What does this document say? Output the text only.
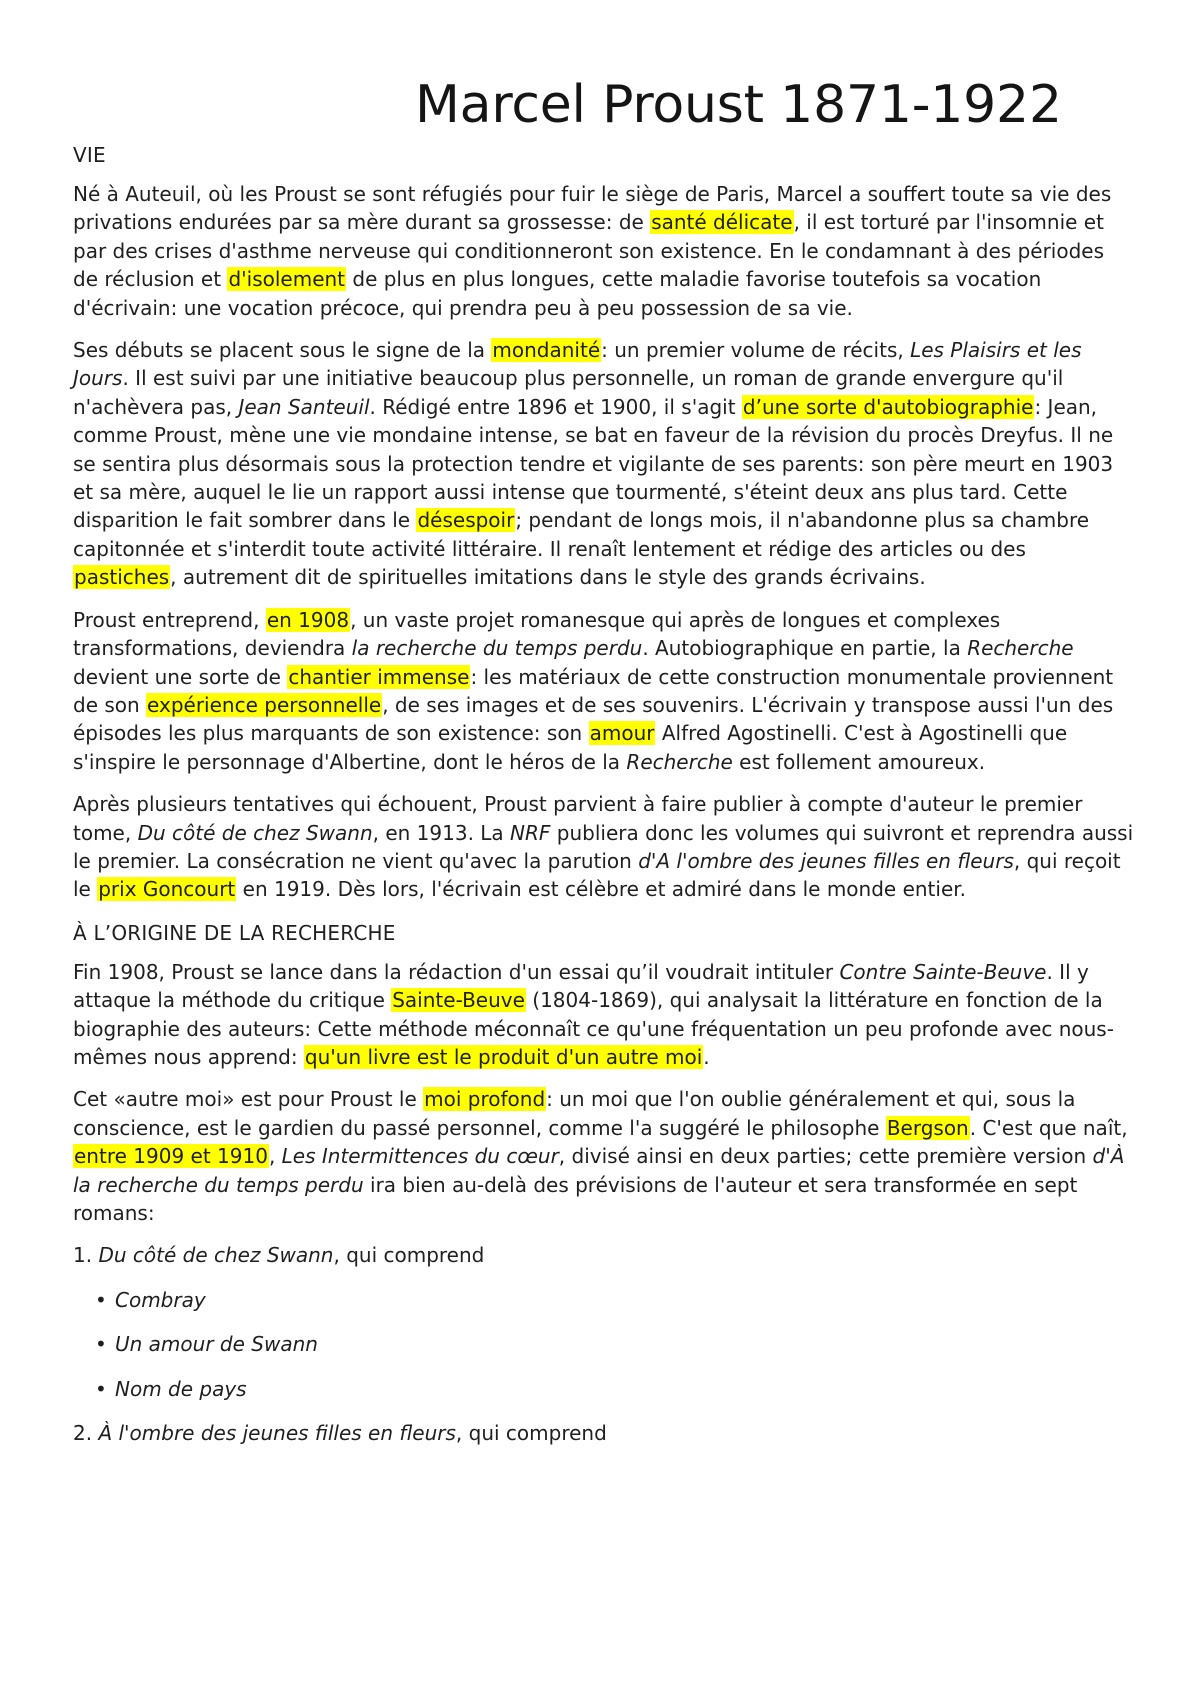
Marcel Proust 1871-1922
VIE

Né à Auteuil, où les Proust se sont réfugiés pour fuir le siège de Paris, Marcel a souffert toute sa vie des privations endurées par sa mère durant sa grossesse: de santé délicate, il est torturé par l'insomnie et par des crises d'asthme nerveuse qui conditionneront son existence. En le condamnant à des périodes de réclusion et d'isolement de plus en plus longues, cette maladie favorise toutefois sa vocation d'écrivain: une vocation précoce, qui prendra peu à peu possession de sa vie.

Ses débuts se placent sous le signe de la mondanité: un premier volume de récits, Les Plaisirs et les Jours. Il est suivi par une initiative beaucoup plus personnelle, un roman de grande envergure qu'il n'achèvera pas, Jean Santeuil. Rédigé entre 1896 et 1900, il s'agit d’une sorte d'autobiographie: Jean, comme Proust, mène une vie mondaine intense, se bat en faveur de la révision du procès Dreyfus. Il ne se sentira plus désormais sous la protection tendre et vigilante de ses parents: son père meurt en 1903 et sa mère, auquel le lie un rapport aussi intense que tourmenté, s'éteint deux ans plus tard. Cette disparition le fait sombrer dans le désespoir; pendant de longs mois, il n'abandonne plus sa chambre capitonnée et s'interdit toute activité littéraire. Il renaît lentement et rédige des articles ou des pastiches, autrement dit de spirituelles imitations dans le style des grands écrivains.

Proust entreprend, en 1908, un vaste projet romanesque qui après de longues et complexes transformations, deviendra la recherche du temps perdu. Autobiographique en partie, la Recherche devient une sorte de chantier immense: les matériaux de cette construction monumentale proviennent de son expérience personnelle, de ses images et de ses souvenirs. L'écrivain y transpose aussi l'un des épisodes les plus marquants de son existence: son amour Alfred Agostinelli. C'est à Agostinelli que s'inspire le personnage d'Albertine, dont le héros de la Recherche est follement amoureux.

Après plusieurs tentatives qui échouent, Proust parvient à faire publier à compte d'auteur le premier tome, Du côté de chez Swann, en 1913. La NRF publiera donc les volumes qui suivront et reprendra aussi le premier. La consécration ne vient qu'avec la parution d'A l'ombre des jeunes filles en fleurs, qui reçoit le prix Goncourt en 1919. Dès lors, l'écrivain est célèbre et admiré dans le monde entier.

À L’ORIGINE DE LA RECHERCHE

Fin 1908, Proust se lance dans la rédaction d'un essai qu’il voudrait intituler Contre Sainte-Beuve. Il y attaque la méthode du critique Sainte-Beuve (1804-1869), qui analysait la littérature en fonction de la biographie des auteurs: Cette méthode méconnaît ce qu'une fréquentation un peu profonde avec nous-mêmes nous apprend: qu'un livre est le produit d'un autre moi.

Cet «autre moi» est pour Proust le moi profond: un moi que l'on oublie généralement et qui, sous la conscience, est le gardien du passé personnel, comme l'a suggéré le philosophe Bergson. C'est que naît, entre 1909 et 1910, Les Intermittences du cœur, divisé ainsi en deux parties; cette première version d'À la recherche du temps perdu ira bien au-delà des prévisions de l'auteur et sera transformée en sept romans:

1. Du côté de chez Swann, qui comprend
• Combray
• Un amour de Swann
• Nom de pays
2. À l'ombre des jeunes filles en fleurs, qui comprend
